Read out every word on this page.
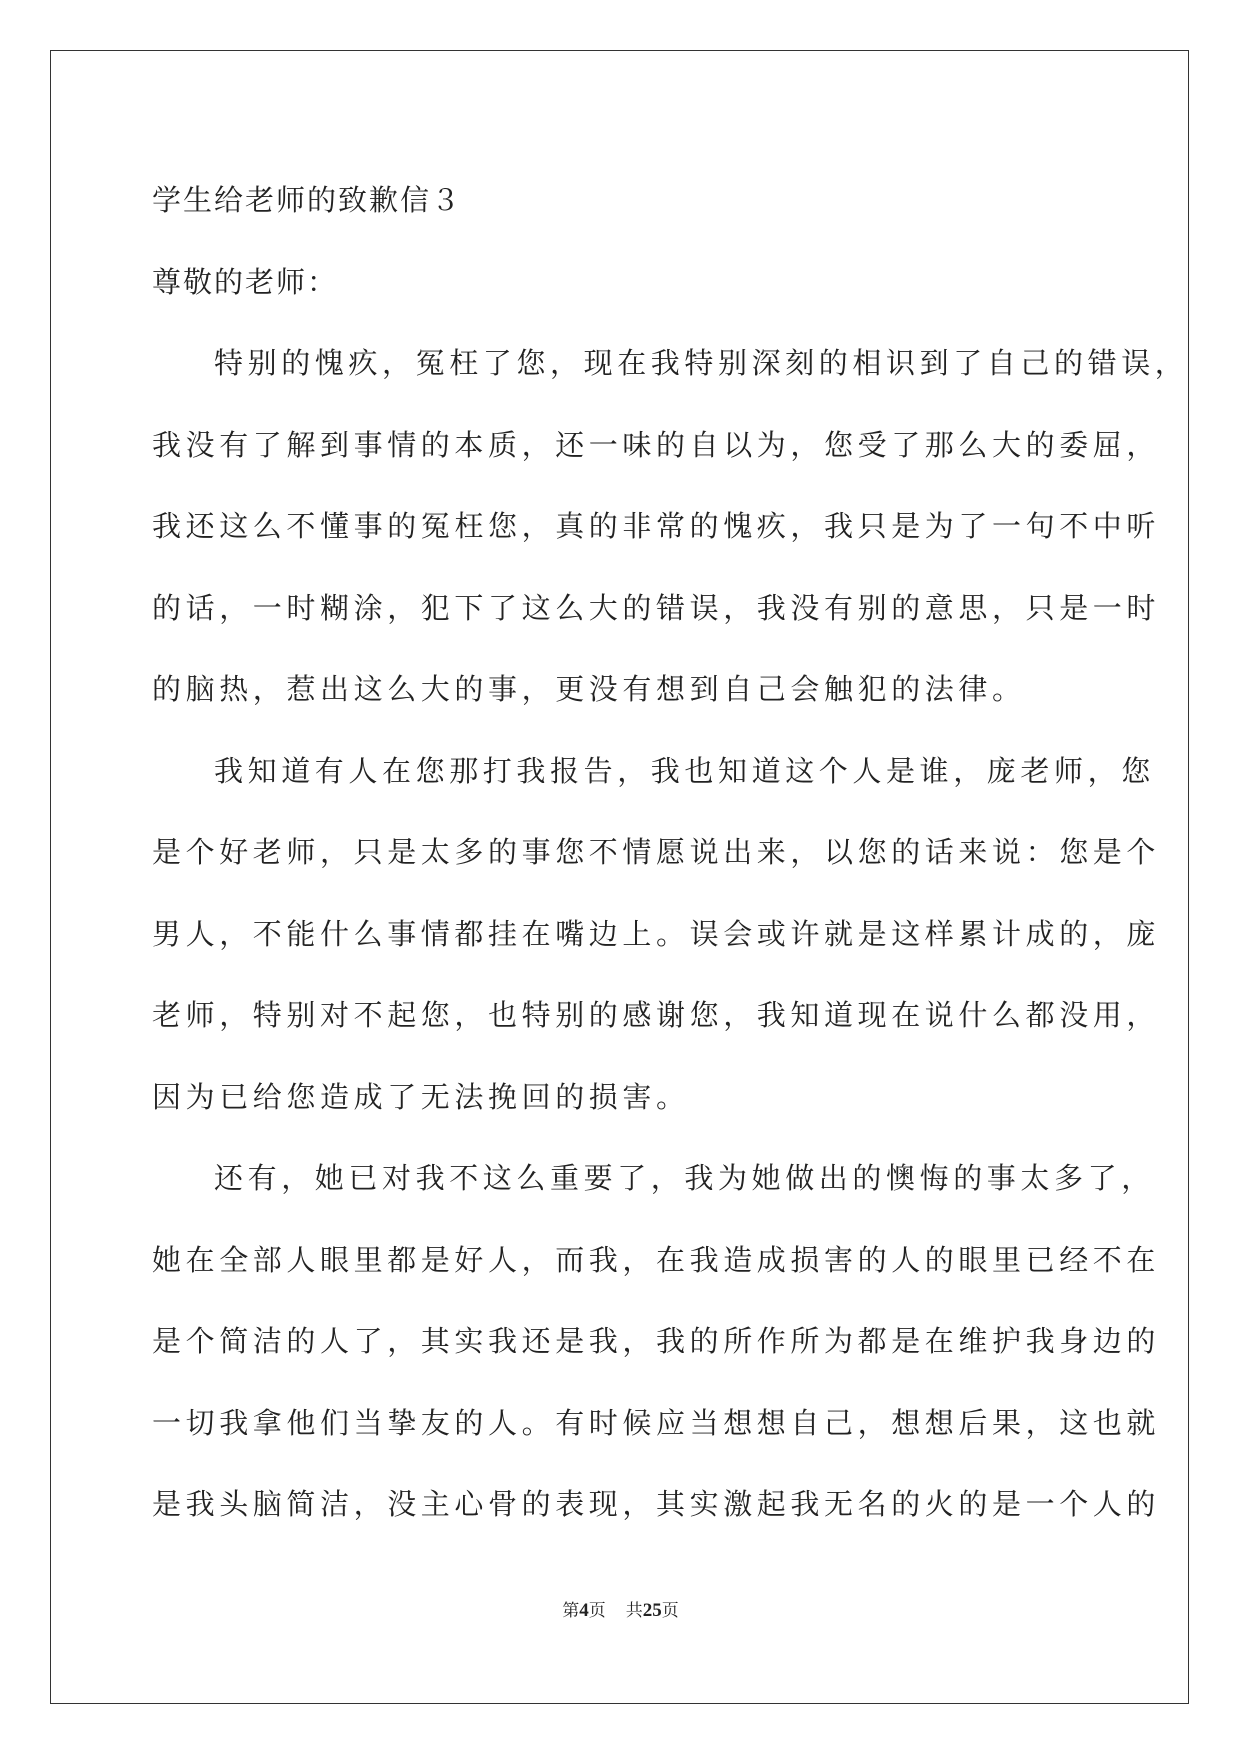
学生给老师的致歉信３
尊敬的老师：
特别的愧疚，冤枉了您，现在我特别深刻的相识到了自己的错误，
我没有了解到事情的本质，还一味的自以为，您受了那么大的委屈，
我还这么不懂事的冤枉您，真的非常的愧疚，我只是为了一句不中听
的话，一时糊涂，犯下了这么大的错误，我没有别的意思，只是一时
的脑热，惹出这么大的事，更没有想到自己会触犯的法律。
我知道有人在您那打我报告，我也知道这个人是谁，庞老师，您
是个好老师，只是太多的事您不情愿说出来，以您的话来说：您是个
男人，不能什么事情都挂在嘴边上。误会或许就是这样累计成的，庞
老师，特别对不起您，也特别的感谢您，我知道现在说什么都没用，
因为已给您造成了无法挽回的损害。
还有，她已对我不这么重要了，我为她做出的懊悔的事太多了，
她在全部人眼里都是好人，而我，在我造成损害的人的眼里已经不在
是个简洁的人了，其实我还是我，我的所作所为都是在维护我身边的
一切我拿他们当挚友的人。有时候应当想想自己，想想后果，这也就
是我头脑简洁，没主心骨的表现，其实激起我无名的火的是一个人的
第4页 共25页
